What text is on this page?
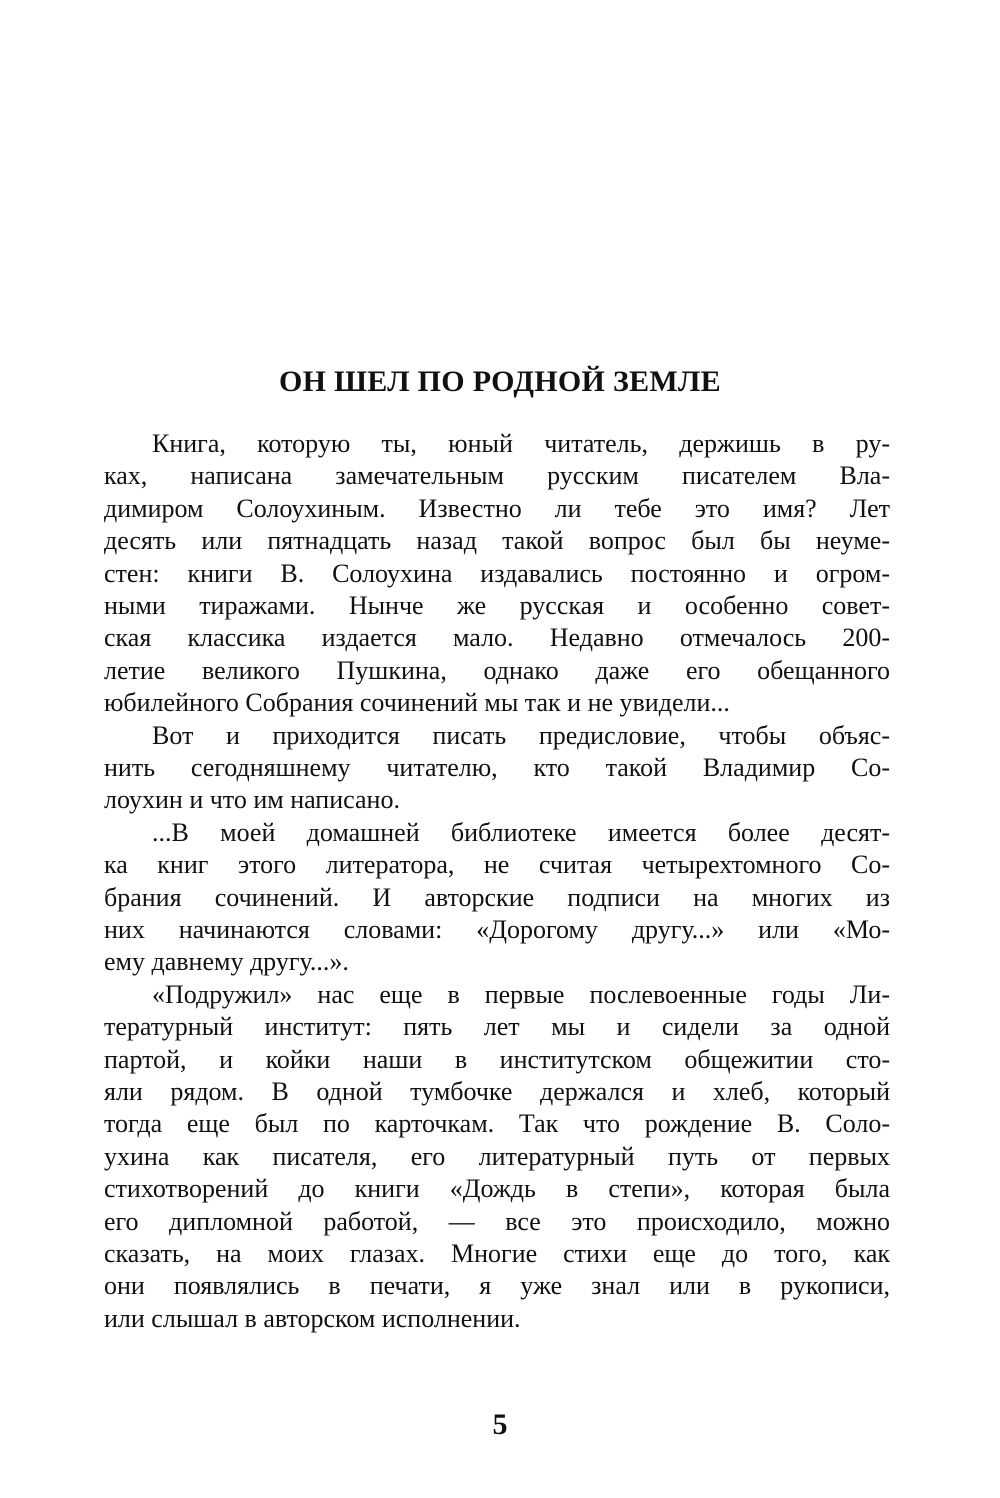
ОН ШЕЛ ПО РОДНОЙ ЗЕМЛЕ
Книга, которую ты, юный читатель, держишь в ру-
ках, написана замечательным русским писателем Вла-
димиром Солоухиным. Известно ли тебе это имя? Лет
десять или пятнадцать назад такой вопрос был бы неуме-
стен: книги В. Солоухина издавались постоянно и огром-
ными тиражами. Нынче же русская и особенно совет-
ская классика издается мало. Недавно отмечалось 200-
летие великого Пушкина, однако даже его обещанного
юбилейного Собрания сочинений мы так и не увидели...
Вот и приходится писать предисловие, чтобы объяс-
нить сегодняшнему читателю, кто такой Владимир Со-
лоухин и что им написано.
...В моей домашней библиотеке имеется более десят-
ка книг этого литератора, не считая четырехтомного Со-
брания сочинений. И авторские подписи на многих из
них начинаются словами: «Дорогому другу...» или «Мо-
ему давнему другу...».
«Подружил» нас еще в первые послевоенные годы Ли-
тературный институт: пять лет мы и сидели за одной
партой, и койки наши в институтском общежитии сто-
яли рядом. В одной тумбочке держался и хлеб, который
тогда еще был по карточкам. Так что рождение В. Соло-
ухина как писателя, его литературный путь от первых
стихотворений до книги «Дождь в степи», которая была
его дипломной работой, — все это происходило, можно
сказать, на моих глазах. Многие стихи еще до того, как
они появлялись в печати, я уже знал или в рукописи,
или слышал в авторском исполнении.
5
